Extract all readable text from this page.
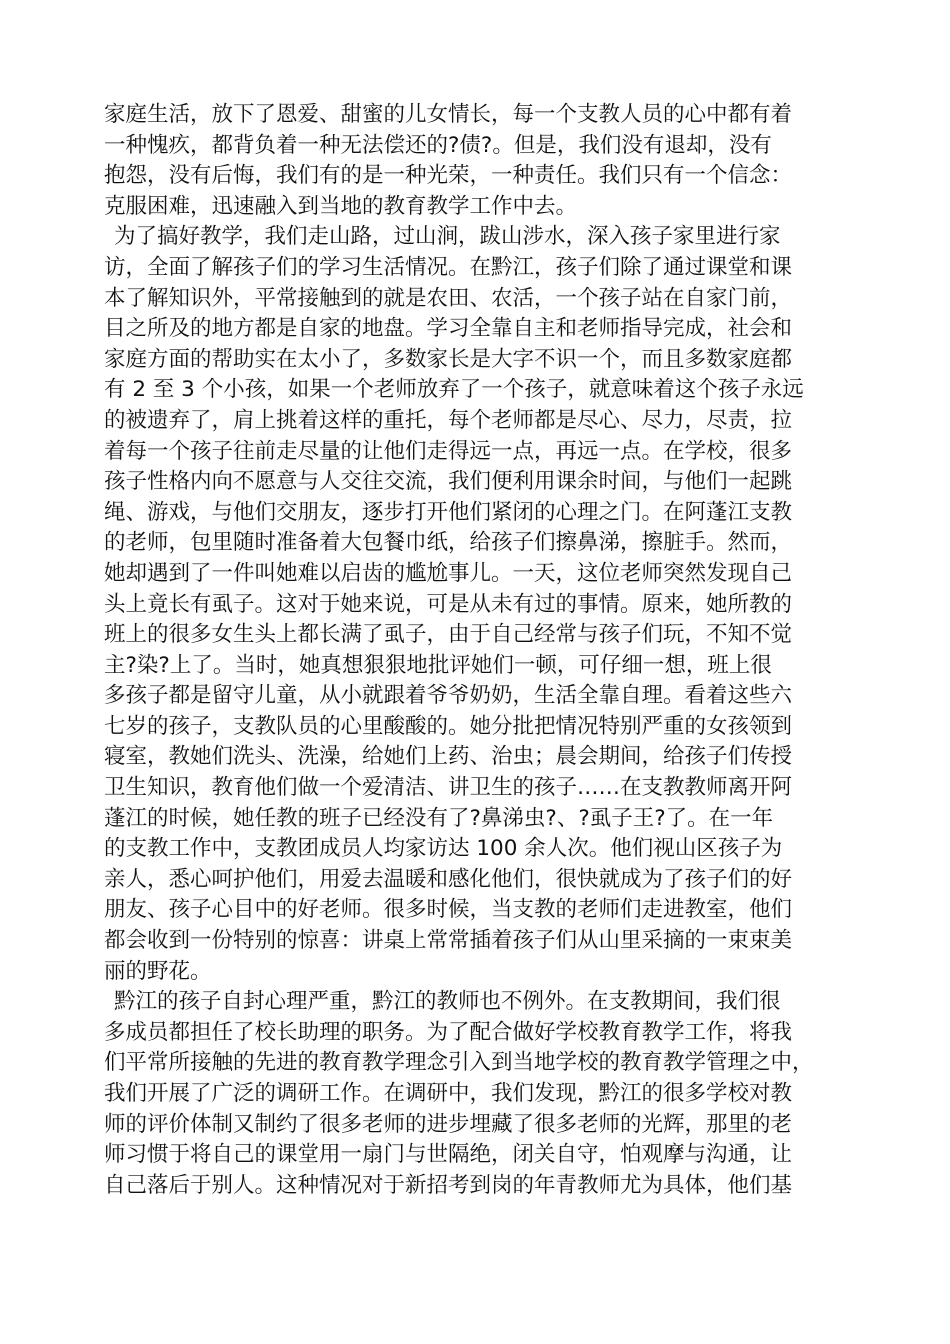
家庭生活，放下了恩爱、甜蜜的儿女情长，每一个支教人员的心中都有着
一种愧疚，都背负着一种无法偿还的?债?。但是，我们没有退却，没有
抱怨，没有后悔，我们有的是一种光荣，一种责任。我们只有一个信念：
克服困难，迅速融入到当地的教育教学工作中去。

为了搞好教学，我们走山路，过山涧，跋山涉水，深入孩子家里进行家
访，全面了解孩子们的学习生活情况。在黔江，孩子们除了通过课堂和课
本了解知识外，平常接触到的就是农田、农活，一个孩子站在自家门前，
目之所及的地方都是自家的地盘。学习全靠自主和老师指导完成，社会和
家庭方面的帮助实在太小了，多数家长是大字不识一个，而且多数家庭都
有 2 至 3 个小孩，如果一个老师放弃了一个孩子，就意味着这个孩子永远
的被遗弃了，肩上挑着这样的重托，每个老师都是尽心、尽力，尽责，拉
着每一个孩子往前走尽量的让他们走得远一点，再远一点。在学校，很多
孩子性格内向不愿意与人交往交流，我们便利用课余时间，与他们一起跳
绳、游戏，与他们交朋友，逐步打开他们紧闭的心理之门。在阿蓬江支教
的老师，包里随时准备着大包餐巾纸，给孩子们擦鼻涕，擦脏手。然而，
她却遇到了一件叫她难以启齿的尴尬事儿。一天，这位老师突然发现自己
头上竟长有虱子。这对于她来说，可是从未有过的事情。原来，她所教的
班上的很多女生头上都长满了虱子，由于自己经常与孩子们玩，不知不觉
主?染?上了。当时，她真想狠狠地批评她们一顿，可仔细一想，班上很
多孩子都是留守儿童，从小就跟着爷爷奶奶，生活全靠自理。看着这些六
七岁的孩子，支教队员的心里酸酸的。她分批把情况特别严重的女孩领到
寝室，教她们洗头、洗澡，给她们上药、治虫；晨会期间，给孩子们传授
卫生知识，教育他们做一个爱清洁、讲卫生的孩子……在支教教师离开阿
蓬江的时候，她任教的班子已经没有了?鼻涕虫?、?虱子王?了。在一年
的支教工作中，支教团成员人均家访达 100 余人次。他们视山区孩子为
亲人，悉心呵护他们，用爱去温暖和感化他们，很快就成为了孩子们的好
朋友、孩子心目中的好老师。很多时候，当支教的老师们走进教室，他们
都会收到一份特别的惊喜：讲桌上常常插着孩子们从山里采摘的一束束美
丽的野花。

黔江的孩子自封心理严重，黔江的教师也不例外。在支教期间，我们很
多成员都担任了校长助理的职务。为了配合做好学校教育教学工作，将我
们平常所接触的先进的教育教学理念引入到当地学校的教育教学管理之中，
我们开展了广泛的调研工作。在调研中，我们发现，黔江的很多学校对教
师的评价体制又制约了很多老师的进步埋藏了很多老师的光辉，那里的老
师习惯于将自己的课堂用一扇门与世隔绝，闭关自守，怕观摩与沟通，让
自己落后于别人。这种情况对于新招考到岗的年青教师尤为具体，他们基
